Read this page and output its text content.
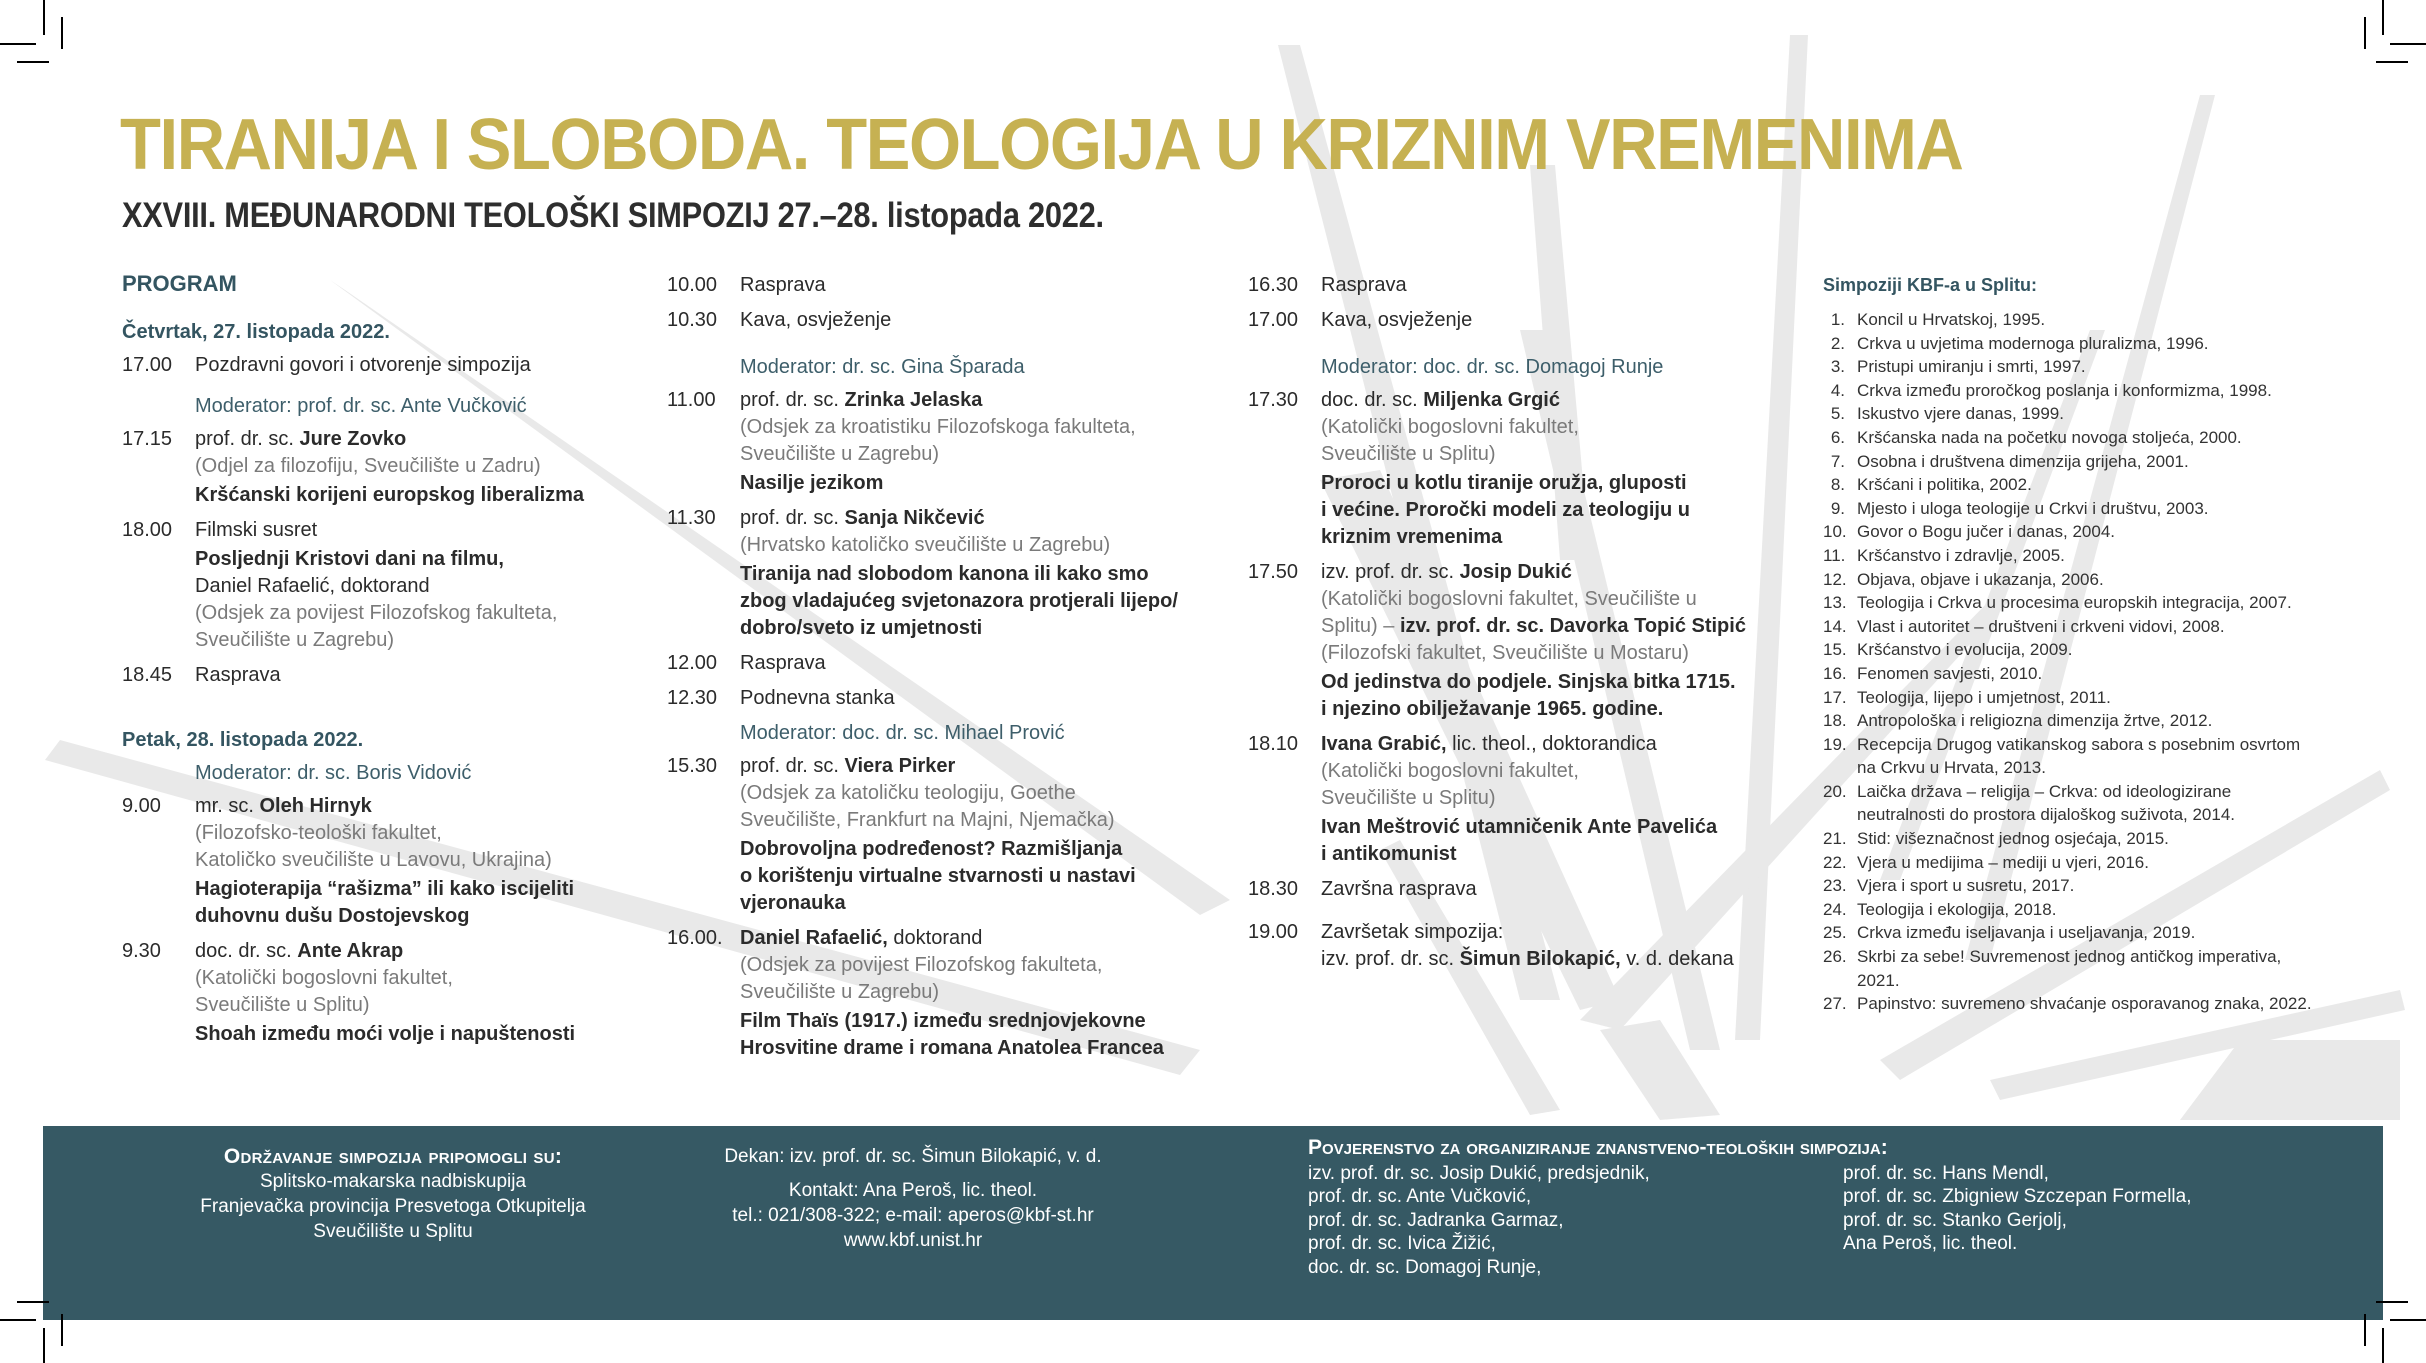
TIRANIJA I SLOBODA. TEOLOGIJA U KRIZNIM VREMENIMA
XXVIII. MEĐUNARODNI TEOLOŠKI SIMPOZIJ 27.–28. listopada 2022.
PROGRAM
Četvrtak, 27. listopada 2022.
17.00	Pozdravni govori i otvorenje simpozija
Moderator: prof. dr. sc. Ante Vučković
17.15	prof. dr. sc. Jure Zovko
(Odjel za filozofiju, Sveučilište u Zadru)
Kršćanski korijeni europskog liberalizma
18.00	Filmski susret
Posljednji Kristovi dani na filmu,
Daniel Rafaelić, doktorand
(Odsjek za povijest Filozofskog fakulteta,
Sveučilište u Zagrebu)
18.45	Rasprava
Petak, 28. listopada 2022.
Moderator: dr. sc. Boris Vidović
9.00	mr. sc. Oleh Hirnyk
(Filozofsko-teološki fakultet,
Katoličko sveučilište u Lavovu, Ukrajina)
Hagioterapija “rašizma” ili kako iscijeliti
duhovnu dušu Dostojevskog
9.30	doc. dr. sc. Ante Akrap
(Katolički bogoslovni fakultet,
Sveučilište u Splitu)
Shoah između moći volje i napuštenosti
10.00	Rasprava
10.30	Kava, osvježenje
Moderator: dr. sc. Gina Šparada
11.00	prof. dr. sc. Zrinka Jelaska
(Odsjek za kroatistiku Filozofskoga fakulteta,
Sveučilište u Zagrebu)
Nasilje jezikom
11.30	prof. dr. sc. Sanja Nikčević
(Hrvatsko katoličko sveučilište u Zagrebu)
Tiranija nad slobodom kanona ili kako smo
zbog vladajućeg svjetonazora protjerali lijepo/
dobro/sveto iz umjetnosti
12.00	Rasprava
12.30	Podnevna stanka
Moderator: doc. dr. sc. Mihael Prović
15.30	prof. dr. sc. Viera Pirker
(Odsjek za katoličku teologiju, Goethe
Sveučilište, Frankfurt na Majni, Njemačka)
Dobrovoljna podređenost? Razmišljanja
o korištenju virtualne stvarnosti u nastavi
vjeronauka
16.00. Daniel Rafaelić, doktorand
(Odsjek za povijest Filozofskog fakulteta,
Sveučilište u Zagrebu)
Film Thaïs (1917.) između srednjovjekovne
Hrosvitine drame i romana Anatolea Francea
16.30	Rasprava
17.00	Kava, osvježenje
Moderator: doc. dr. sc. Domagoj Runje
17.30	doc. dr. sc. Miljenka Grgić
(Katolički bogoslovni fakultet,
Sveučilište u Splitu)
Proroci u kotlu tiranije oružja, gluposti
i većine. Proročki modeli za teologiju u
kriznim vremenima
17.50	izv. prof. dr. sc. Josip Dukić
(Katolički bogoslovni fakultet, Sveučilište u
Splitu) – izv. prof. dr. sc. Davorka Topić Stipić
(Filozofski fakultet, Sveučilište u Mostaru)
Od jedinstva do podjele. Sinjska bitka 1715.
i njezino obilježavanje 1965. godine.
18.10	Ivana Grabić, lic. theol., doktorandica
(Katolički bogoslovni fakultet,
Sveučilište u Splitu)
Ivan Meštrović utamničenik Ante Pavelića
i antikomunist
18.30	Završna rasprava
19.00	Završetak simpozija:
izv. prof. dr. sc. Šimun Bilokapić, v. d. dekana
Simpoziji KBF-a u Splitu:
1. Koncil u Hrvatskoj, 1995.
2. Crkva u uvjetima modernoga pluralizma, 1996.
3. Pristupi umiranju i smrti, 1997.
4. Crkva između proročkog poslanja i konformizma, 1998.
5. Iskustvo vjere danas, 1999.
6. Kršćanska nada na početku novoga stoljeća, 2000.
7. Osobna i društvena dimenzija grijeha, 2001.
8. Kršćani i politika, 2002.
9. Mjesto i uloga teologije u Crkvi i društvu, 2003.
10. Govor o Bogu jučer i danas, 2004.
11. Kršćanstvo i zdravlje, 2005.
12. Objava, objave i ukazanja, 2006.
13. Teologija i Crkva u procesima europskih integracija, 2007.
14. Vlast i autoritet – društveni i crkveni vidovi, 2008.
15. Kršćanstvo i evolucija, 2009.
16. Fenomen savjesti, 2010.
17. Teologija, lijepo i umjetnost, 2011.
18. Antropološka i religiozna dimenzija žrtve, 2012.
19. Recepcija Drugog vatikanskog sabora s posebnim osvrtom na Crkvu u Hrvata, 2013.
20. Laička država – religija – Crkva: od ideologizirane neutralnosti do prostora dijaloškog suživota, 2014.
21. Stid: višeznačnost jednog osjećaja, 2015.
22. Vjera u medijima – mediji u vjeri, 2016.
23. Vjera i sport u susretu, 2017.
24. Teologija i ekologija, 2018.
25. Crkva između iseljavanja i useljavanja, 2019.
26. Skrbi za sebe! Suvremenost jednog antičkog imperativa, 2021.
27. Papinstvo: suvremeno shvaćanje osporavanog znaka, 2022.
Održavanje simpozija pripomogli su:
Splitsko-makarska nadbiskupija
Franjevačka provincija Presvetoga Otkupitelja
Sveučilište u Splitu
Dekan: izv. prof. dr. sc. Šimun Bilokapić, v. d.
Kontakt: Ana Peroš, lic. theol.
tel.: 021/308-322; e-mail: aperos@kbf-st.hr
www.kbf.unist.hr
Povjerenstvo za organiziranje znanstveno-teoloških simpozija:
izv. prof. dr. sc. Josip Dukić, predsjednik,
prof. dr. sc. Ante Vučković,
prof. dr. sc. Jadranka Garmaz,
prof. dr. sc. Ivica Žižić,
doc. dr. sc. Domagoj Runje,
prof. dr. sc. Hans Mendl,
prof. dr. sc. Zbigniew Szczepan Formella,
prof. dr. sc. Stanko Gerjolj,
Ana Peroš, lic. theol.
